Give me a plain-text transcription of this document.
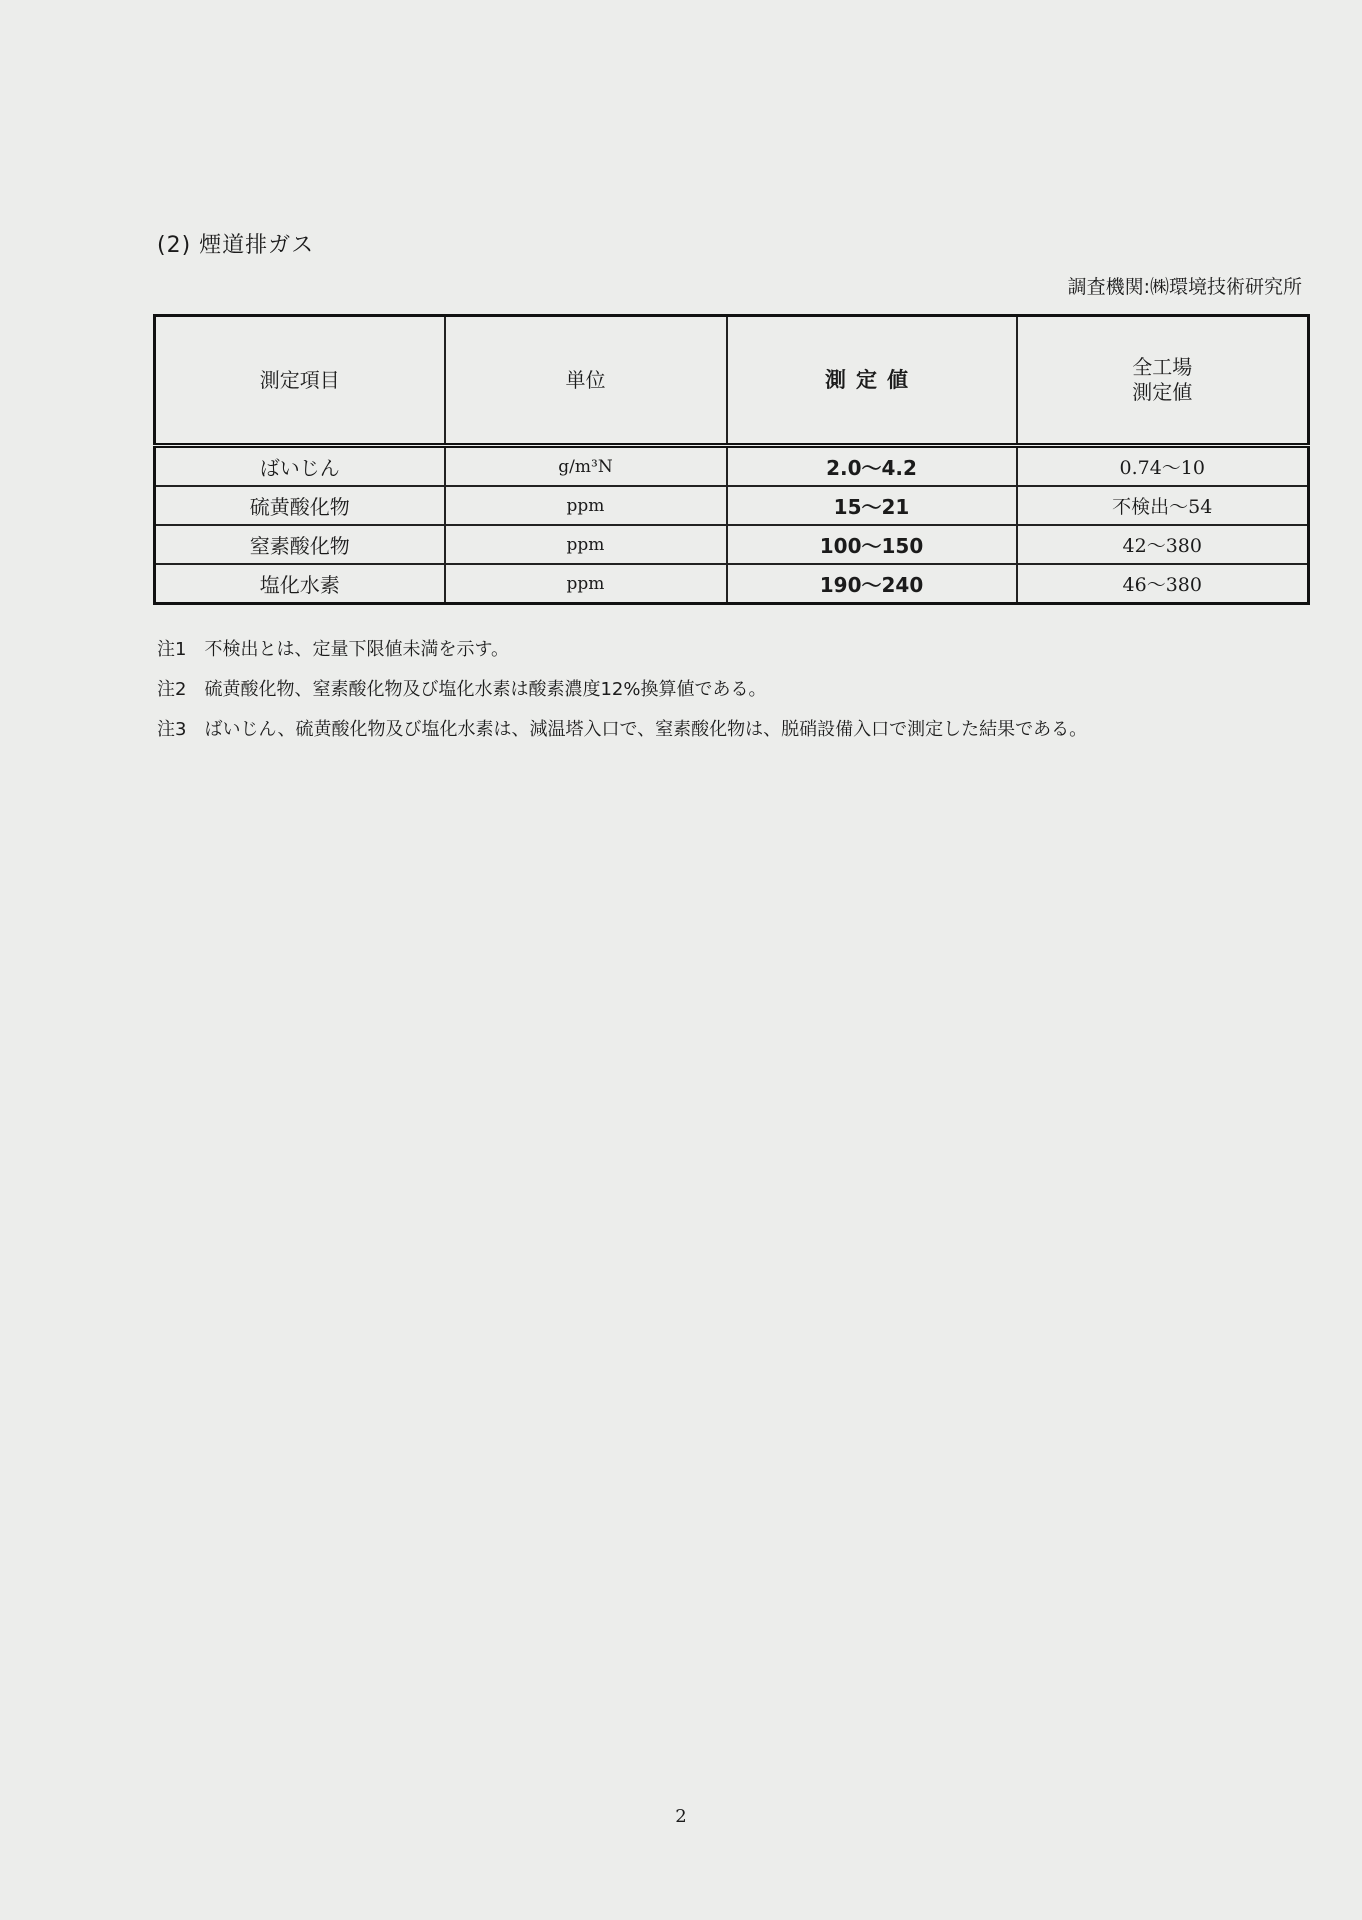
(2) 煙道排ガス
調査機関:㈱環境技術研究所
測定項目	単位	測定値	全工場
測定値

ばいじん	g/m³N	2.0〜4.2	0.74〜10
硫黄酸化物	ppm	15〜21	不検出〜54
窒素酸化物	ppm	100〜150	42〜380
塩化水素	ppm	190〜240	46〜380
注1　不検出とは、定量下限値未満を示す。
注2　硫黄酸化物、窒素酸化物及び塩化水素は酸素濃度12%換算値である。
注3　ばいじん、硫黄酸化物及び塩化水素は、減温塔入口で、窒素酸化物は、脱硝設備入口で測定した結果である。
2
